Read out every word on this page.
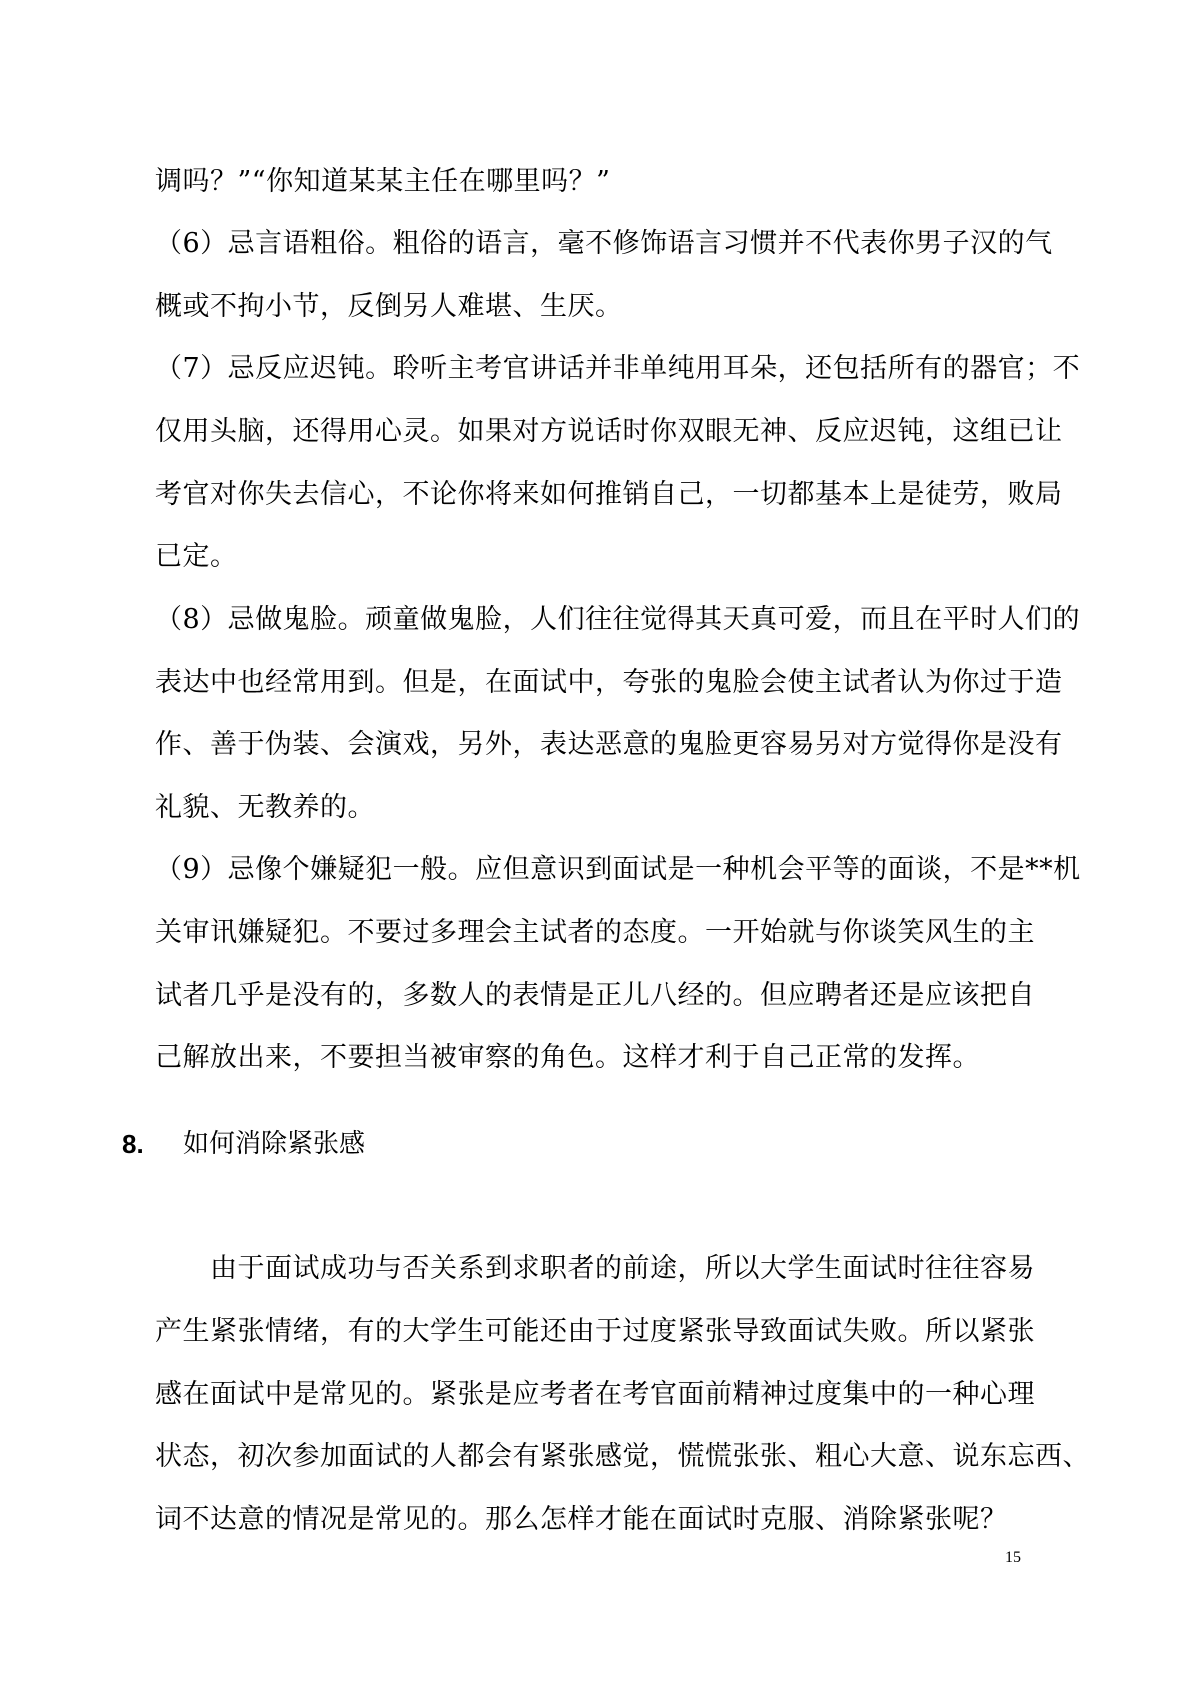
调吗？”“你知道某某主任在哪里吗？”
（6）忌言语粗俗。粗俗的语言，毫不修饰语言习惯并不代表你男子汉的气
概或不拘小节，反倒另人难堪、生厌。
（7）忌反应迟钝。聆听主考官讲话并非单纯用耳朵，还包括所有的器官；不
仅用头脑，还得用心灵。如果对方说话时你双眼无神、反应迟钝，这组已让
考官对你失去信心，不论你将来如何推销自己，一切都基本上是徒劳，败局
已定。
（8）忌做鬼脸。顽童做鬼脸，人们往往觉得其天真可爱，而且在平时人们的
表达中也经常用到。但是，在面试中，夸张的鬼脸会使主试者认为你过于造
作、善于伪装、会演戏，另外，表达恶意的鬼脸更容易另对方觉得你是没有
礼貌、无教养的。
（9）忌像个嫌疑犯一般。应但意识到面试是一种机会平等的面谈，不是**机
关审讯嫌疑犯。不要过多理会主试者的态度。一开始就与你谈笑风生的主
试者几乎是没有的，多数人的表情是正儿八经的。但应聘者还是应该把自
己解放出来，不要担当被审察的角色。这样才利于自己正常的发挥。
8. 如何消除紧张感
由于面试成功与否关系到求职者的前途，所以大学生面试时往往容易
产生紧张情绪，有的大学生可能还由于过度紧张导致面试失败。所以紧张
感在面试中是常见的。紧张是应考者在考官面前精神过度集中的一种心理
状态，初次参加面试的人都会有紧张感觉，慌慌张张、粗心大意、说东忘西、
词不达意的情况是常见的。那么怎样才能在面试时克服、消除紧张呢？
15
